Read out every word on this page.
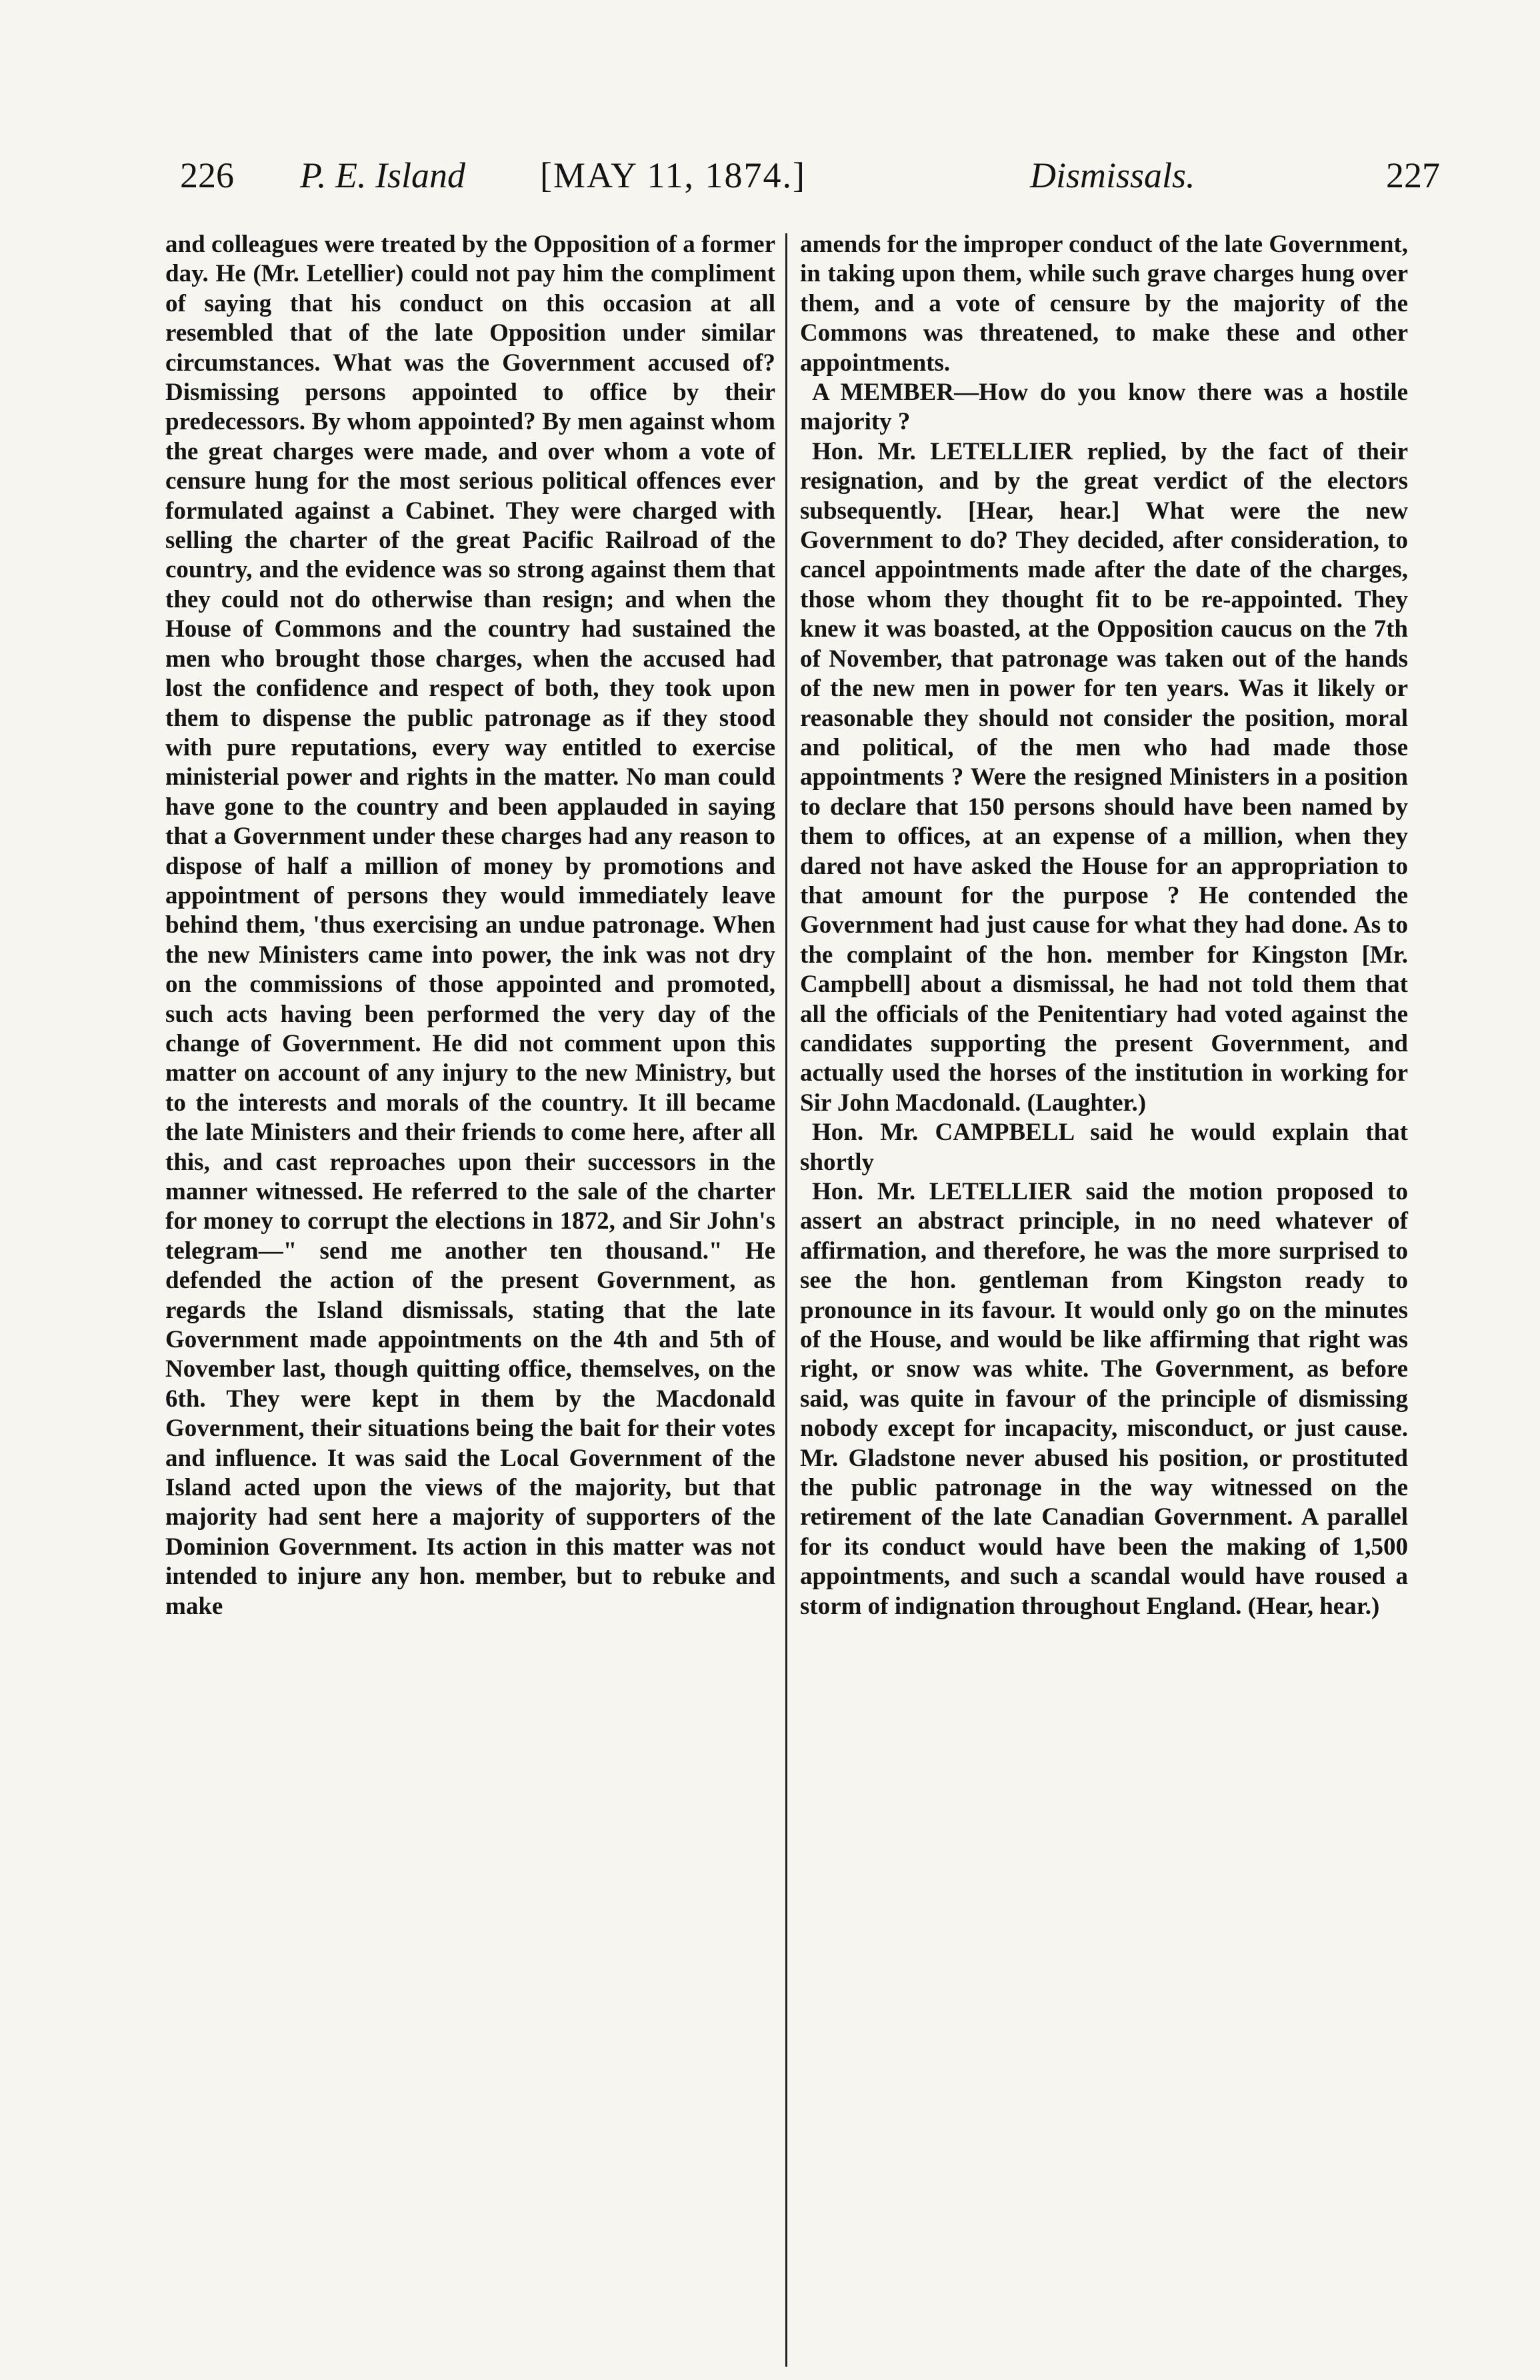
226 P. E. Island [MAY 11, 1874.]	Dismissals.	227

and colleagues were treated by the Opposition of a former day. He (Mr. Letellier) could not pay him the compliment of saying that his conduct on this occasion at all resembled that of the late Opposition under similar circumstances. What was the Government accused of? Dismissing persons appointed to office by their predecessors. By whom appointed? By men against whom the great charges were made, and over whom a vote of censure hung for the most serious political offences ever formulated against a Cabinet. They were charged with selling the charter of the great Pacific Railroad of the country, and the evidence was so strong against them that they could not do otherwise than resign; and when the House of Commons and the country had sustained the men who brought those charges, when the accused had lost the confidence and respect of both, they took upon them to dispense the public patronage as if they stood with pure reputations, every way entitled to exercise ministerial power and rights in the matter. No man could have gone to the country and been applauded in saying that a Government under these charges had any reason to dispose of half a million of money by promotions and appointment of persons they would immediately leave behind them, 'thus exercising an undue patronage. When the new Ministers came into power, the ink was not dry on the commissions of those appointed and promoted, such acts having been performed the very day of the change of Government. He did not comment upon this matter on account of any injury to the new Ministry, but to the interests and morals of the country. It ill became the late Ministers and their friends to come here, after all this, and cast reproaches upon their successors in the manner witnessed. He referred to the sale of the charter for money to corrupt the elections in 1872, and Sir John's telegram—" send me another ten thousand." He defended the action of the present Government, as regards the Island dismissals, stating that the late Government made appointments on the 4th and 5th of November last, though quitting office, themselves, on the 6th. They were kept in them by the Macdonald Government, their situations being the bait for their votes and influence. It was said the Local Government of the Island acted upon the views of the majority, but that majority had sent here a majority of supporters of the Dominion Government. Its action in this matter was not intended to injure any hon. member, but to rebuke and make

amends for the improper conduct of the late Government, in taking upon them, while such grave charges hung over them, and a vote of censure by the majority of the Commons was threatened, to make these and other appointments.

A MEMBER—How do you know there was a hostile majority ?

Hon. Mr. LETELLIER replied, by the fact of their resignation, and by the great verdict of the electors subsequently. [Hear, hear.] What were the new Government to do? They decided, after consideration, to cancel appointments made after the date of the charges, those whom they thought fit to be re-appointed. They knew it was boasted, at the Opposition caucus on the 7th of November, that patronage was taken out of the hands of the new men in power for ten years. Was it likely or reasonable they should not consider the position, moral and political, of the men who had made those appointments ? Were the resigned Ministers in a position to declare that 150 persons should have been named by them to offices, at an expense of a million, when they dared not have asked the House for an appropriation to that amount for the purpose ? He contended the Government had just cause for what they had done. As to the complaint of the hon. member for Kingston [Mr. Campbell] about a dismissal, he had not told them that all the officials of the Penitentiary had voted against the candidates supporting the present Government, and actually used the horses of the institution in working for Sir John Macdonald. (Laughter.)

Hon. Mr. CAMPBELL said he would explain that shortly

Hon. Mr. LETELLIER said the motion proposed to assert an abstract principle, in no need whatever of affirmation, and therefore, he was the more surprised to see the hon. gentleman from Kingston ready to pronounce in its favour. It would only go on the minutes of the House, and would be like affirming that right was right, or snow was white. The Government, as before said, was quite in favour of the principle of dismissing nobody except for incapacity, misconduct, or just cause. Mr. Gladstone never abused his position, or prostituted the public patronage in the way witnessed on the retirement of the late Canadian Government. A parallel for its conduct would have been the making of 1,500 appointments, and such a scandal would have roused a storm of indignation throughout England. (Hear, hear.)
